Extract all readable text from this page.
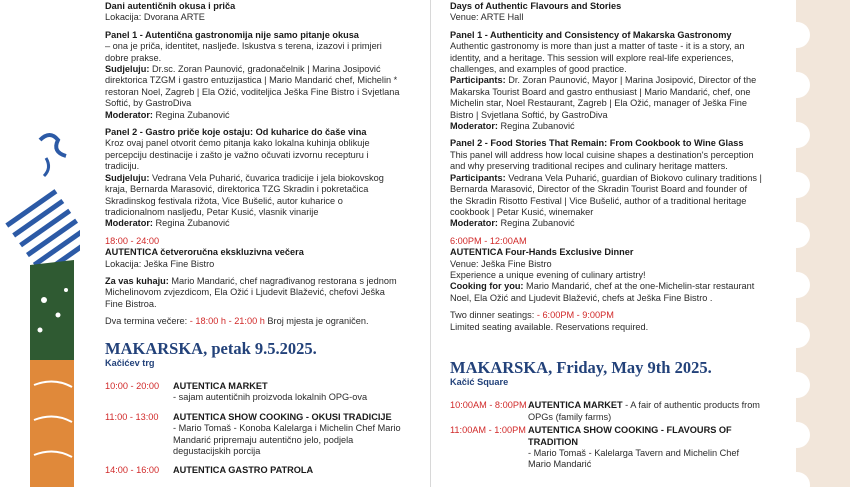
Dani autentičnih okusa i priča
Lokacija: Dvorana ARTE
Panel 1 - Autentična gastronomija nije samo pitanje okusa
– ona je priča, identitet, nasljeđe. Iskustva s terena, izazovi i primjeri dobre prakse.
Sudjeluju: Dr.sc. Zoran Paunović, gradonačelnik | Marina Josipović direktorica TZGM i gastro entuzijastica | Mario Mandarić chef, Michelin * restoran Noel, Zagreb | Ela Ožić, voditeljica Ješka Fine Bistro i Svjetlana Softić, by GastroDiva
Moderator: Regina Zubanović
Panel 2 - Gastro priče koje ostaju: Od kuharice do čaše vina
Kroz ovaj panel otvorit ćemo pitanja kako lokalna kuhinja oblikuje percepciju destinacije i zašto je važno očuvati izvornu recepturu i tradiciju.
Sudjeluju: Vedrana Vela Puharić, čuvarica tradicije i jela biokovskog kraja, Bernarda Marasović, direktorica TZG Skradin i pokretačica Skradinskog festivala rižota, Vice Bušelić, autor kuharice o tradicionalnom nasljeđu, Petar Kusić, vlasnik vinarije
Moderator: Regina Zubanović
18:00 - 24:00
AUTENTICA četveroručna ekskluzivna večera
Lokacija: Ješka Fine Bistro
Za vas kuhaju: Mario Mandarić, chef nagrađivanog restorana s jednom Michelinovom zvjezdicom, Ela Ožić i Ljudevit Blažević, chefovi Ješka Fine Bistroa.
Dva termina večere: - 18:00 h - 21:00 h Broj mjesta je ograničen.
MAKARSKA, petak 9.5.2025.
Kačićev trg
10:00 - 20:00	AUTENTICA MARKET
- sajam autentičnih proizvoda lokalnih OPG-ova
11:00 - 13:00	AUTENTICA SHOW COOKING - OKUSI TRADICIJE
- Mario Tomaš - Konoba Kalelarga i Michelin Chef Mario Mandarić pripremaju autentično jelo, podjela degustacijskih porcija
14:00 - 16:00	AUTENTICA GASTRO PATROLA
Days of Authentic Flavours and Stories
Venue: ARTE Hall
Panel 1 - Authenticity and Consistency of Makarska Gastronomy
Authentic gastronomy is more than just a matter of taste - it is a story, an identity, and a heritage. This session will explore real-life experiences, challenges, and examples of good practice.
Participants: Dr. Zoran Paunović, Mayor | Marina Josipović, Director of the Makarska Tourist Board and gastro enthusiast | Mario Mandarić, chef, one Michelin star, Noel Restaurant, Zagreb | Ela Ožić, manager of Ješka Fine Bistro | Svjetlana Softić, by GastroDiva
Moderator: Regina Zubanović
Panel 2 - Food Stories That Remain: From Cookbook to Wine Glass
This panel will address how local cuisine shapes a destination's perception and why preserving traditional recipes and culinary heritage matters.
Participants: Vedrana Vela Puharić, guardian of Biokovo culinary traditions | Bernarda Marasović, Director of the Skradin Tourist Board and founder of the Skradin Risotto Festival | Vice Bušelić, author of a traditional heritage cookbook | Petar Kusić, winemaker
Moderator: Regina Zubanović
6:00PM - 12:00AM
AUTENTICA Four-Hands Exclusive Dinner
Venue: Ješka Fine Bistro
Experience a unique evening of culinary artistry!
Cooking for you: Mario Mandarić, chef at the one-Michelin-star restaurant Noel, Ela Ožić and Ljudevit Blažević, chefs at Ješka Fine Bistro .
Two dinner seatings: - 6:00PM - 9:00PM
Limited seating available. Reservations required.
MAKARSKA, Friday, May 9th 2025.
Kačić Square
10:00AM - 8:00PM AUTENTICA MARKET - A fair of authentic products from OPGs (family farms)
11:00AM - 1:00PM AUTENTICA SHOW COOKING - FLAVOURS OF TRADITION
- Mario Tomaš - Kalelarga Tavern and Michelin Chef Mario Mandarić
